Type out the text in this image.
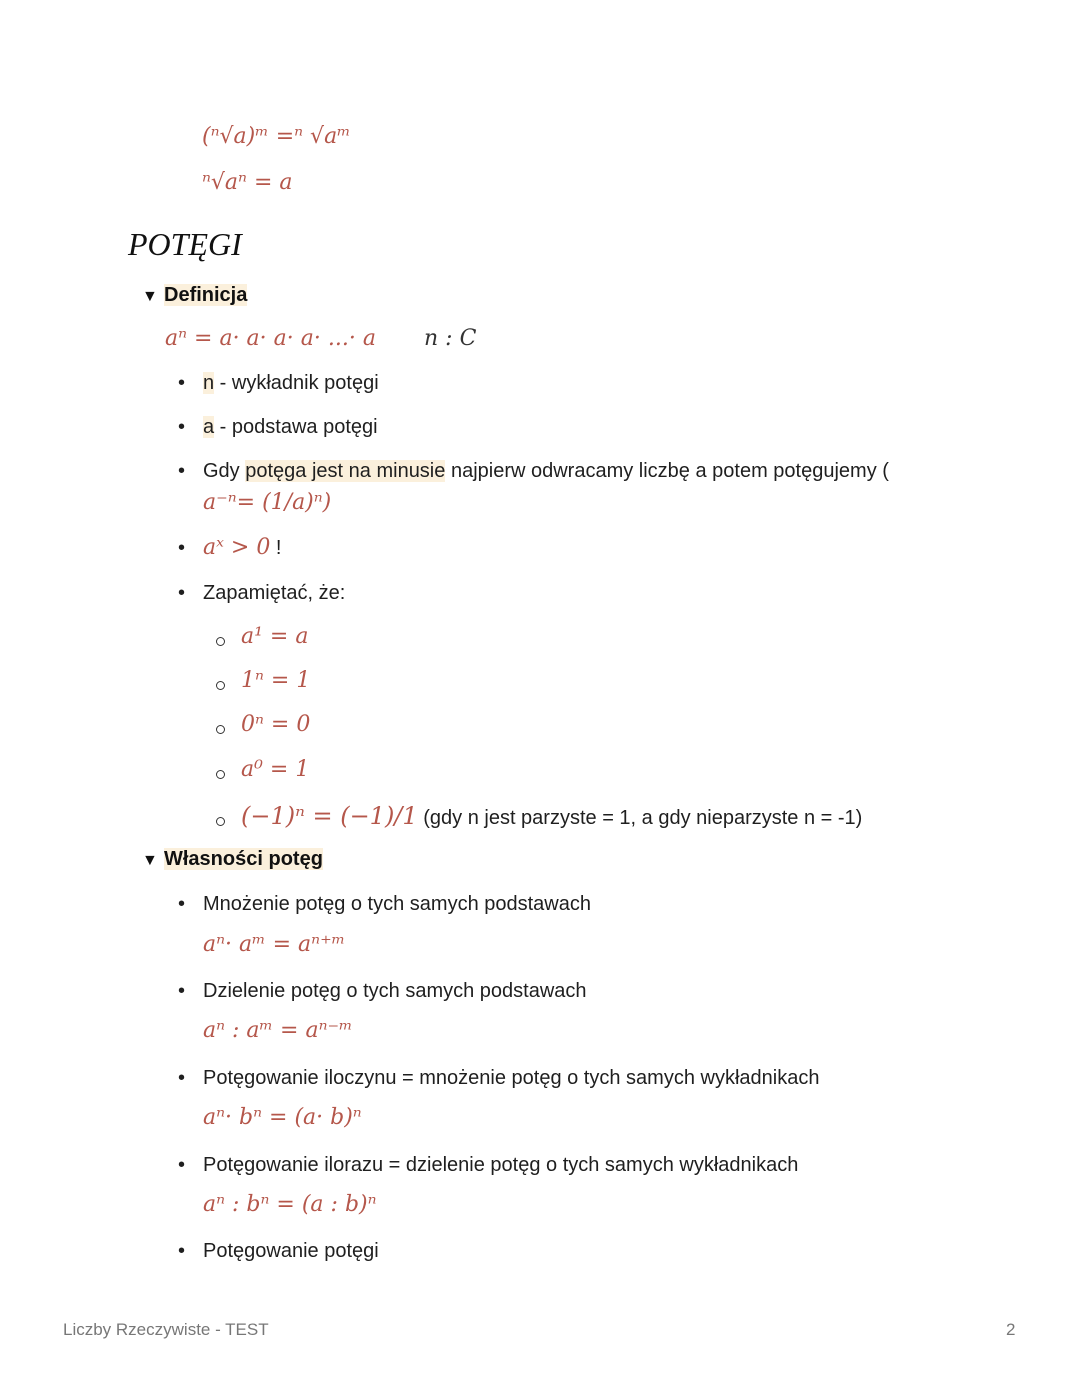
(ⁿ√a)ᵐ =ⁿ √aᵐ
ⁿ√aⁿ = a
POTĘGI
▼ Definicja
aⁿ = a· a· a· a· ...· a n : C
• n - wykładnik potęgi
• a - podstawa potęgi
• Gdy potęga jest na minusie najpierw odwracamy liczbę a potem potęgujemy (
a⁻ⁿ= (1/a)ⁿ)
• aˣ > 0 !
• Zapamiętać, że:
a¹ = a
1ⁿ = 1
0ⁿ = 0
a⁰ = 1
(−1)ⁿ = (−1)/1 (gdy n jest parzyste = 1, a gdy nieparzyste n = -1)
▼ Własności potęg
• Mnożenie potęg o tych samych podstawach
aⁿ· aᵐ = aⁿ⁺ᵐ
• Dzielenie potęg o tych samych podstawach
aⁿ : aᵐ = aⁿ⁻ᵐ
• Potęgowanie iloczynu = mnożenie potęg o tych samych wykładnikach
aⁿ· bⁿ = (a· b)ⁿ
• Potęgowanie ilorazu = dzielenie potęg o tych samych wykładnikach
aⁿ : bⁿ = (a : b)ⁿ
• Potęgowanie potęgi
Liczby Rzeczywiste - TEST	2
